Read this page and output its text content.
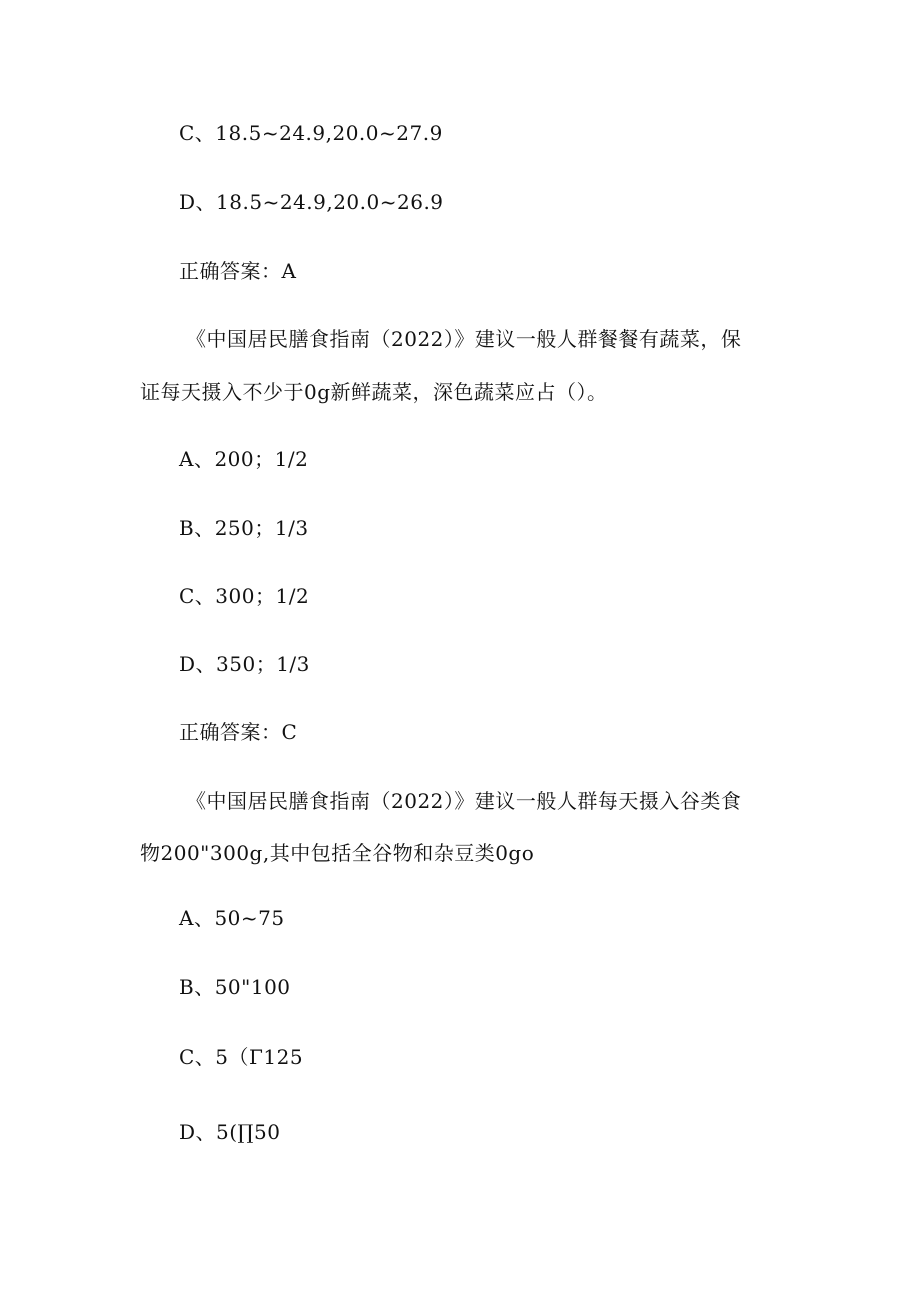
C、18.5~24.9,20.0~27.9
D、18.5~24.9,20.0~26.9
正确答案：A
《中国居民膳食指南（2022）》建议一般人群餐餐有蔬菜，保
证每天摄入不少于0g新鲜蔬菜，深色蔬菜应占（）。
A、200；1/2
B、250；1/3
C、300；1/2
D、350；1/3
正确答案：C
《中国居民膳食指南（2022）》建议一般人群每天摄入谷类食
物200"300g,其中包括全谷物和杂豆类0go
A、50~75
B、50"100
C、5（Γ125
D、5(∏50
